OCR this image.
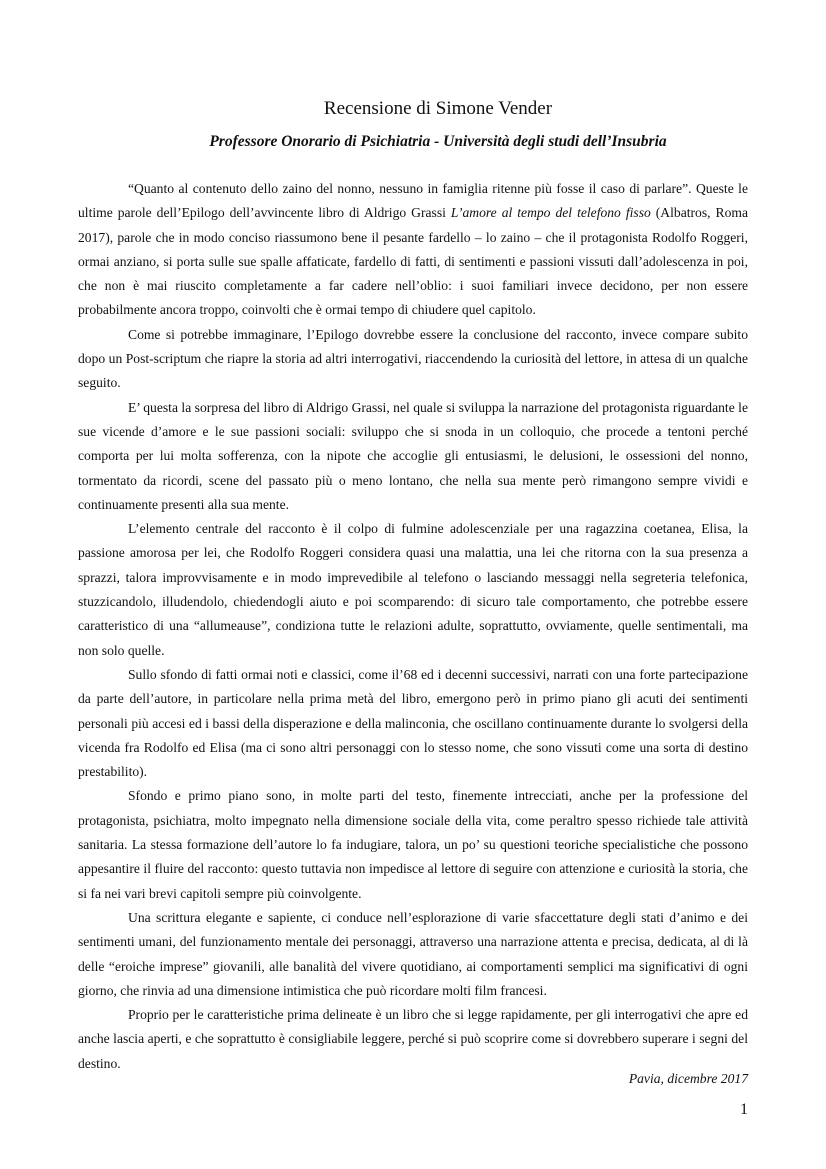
Recensione di Simone Vender
Professore Onorario di Psichiatria - Università degli studi dell’Insubria

“Quanto al contenuto dello zaino del nonno, nessuno in famiglia ritenne più fosse il caso di parlare”. Queste le ultime parole dell’Epilogo dell’avvincente libro di Aldrigo Grassi L’amore al tempo del telefono fisso (Albatros, Roma 2017), parole che in modo conciso riassumono bene il pesante fardello – lo zaino – che il protagonista Rodolfo Roggeri, ormai anziano, si porta sulle sue spalle affaticate, fardello di fatti, di sentimenti e passioni vissuti dall’adolescenza in poi, che non è mai riuscito completamente a far cadere nell’oblio: i suoi familiari invece decidono, per non essere probabilmente ancora troppo, coinvolti che è ormai tempo di chiudere quel capitolo.

Come si potrebbe immaginare, l’Epilogo dovrebbe essere la conclusione del racconto, invece compare subito dopo un Post-scriptum che riapre la storia ad altri interrogativi, riaccendendo la curiosità del lettore, in attesa di un qualche seguito.

E’ questa la sorpresa del libro di Aldrigo Grassi, nel quale si sviluppa la narrazione del protagonista riguardante le sue vicende d’amore e le sue passioni sociali: sviluppo che si snoda in un colloquio, che procede a tentoni perché comporta per lui molta sofferenza, con la nipote che accoglie gli entusiasmi, le delusioni, le ossessioni del nonno, tormentato da ricordi, scene del passato più o meno lontano, che nella sua mente però rimangono sempre vividi e continuamente presenti alla sua mente.

L’elemento centrale del racconto è il colpo di fulmine adolescenziale per una ragazzina coetanea, Elisa, la passione amorosa per lei, che Rodolfo Roggeri considera quasi una malattia, una lei che ritorna con la sua presenza a sprazzi, talora improvvisamente e in modo imprevedibile al telefono o lasciando messaggi nella segreteria telefonica, stuzzicandolo, illudendolo, chiedendogli aiuto e poi scomparendo: di sicuro tale comportamento, che potrebbe essere caratteristico di una “allumeause”, condiziona tutte le relazioni adulte, soprattutto, ovviamente, quelle sentimentali, ma non solo quelle.

Sullo sfondo di fatti ormai noti e classici, come il’68 ed i decenni successivi, narrati con una forte partecipazione da parte dell’autore, in particolare nella prima metà del libro, emergono però in primo piano gli acuti dei sentimenti personali più accesi ed i bassi della disperazione e della malinconia, che oscillano continuamente durante lo svolgersi della vicenda fra Rodolfo ed Elisa (ma ci sono altri personaggi con lo stesso nome, che sono vissuti come una sorta di destino prestabilito).

Sfondo e primo piano sono, in molte parti del testo, finemente intrecciati, anche per la professione del protagonista, psichiatra, molto impegnato nella dimensione sociale della vita, come peraltro spesso richiede tale attività sanitaria. La stessa formazione dell’autore lo fa indugiare, talora, un po’ su questioni teoriche specialistiche che possono appesantire il fluire del racconto: questo tuttavia non impedisce al lettore di seguire con attenzione e curiosità la storia, che si fa nei vari brevi capitoli sempre più coinvolgente.

Una scrittura elegante e sapiente, ci conduce nell’esplorazione di varie sfaccettature degli stati d’animo e dei sentimenti umani, del funzionamento mentale dei personaggi, attraverso una narrazione attenta e precisa, dedicata, al di là delle “eroiche imprese” giovanili, alle banalità del vivere quotidiano, ai comportamenti semplici ma significativi di ogni giorno, che rinvia ad una dimensione intimistica che può ricordare molti film francesi.

Proprio per le caratteristiche prima delineate è un libro che si legge rapidamente, per gli interrogativi che apre ed anche lascia aperti, e che soprattutto è consigliabile leggere, perché si può scoprire come si dovrebbero superare i segni del destino.

Pavia, dicembre 2017
1
